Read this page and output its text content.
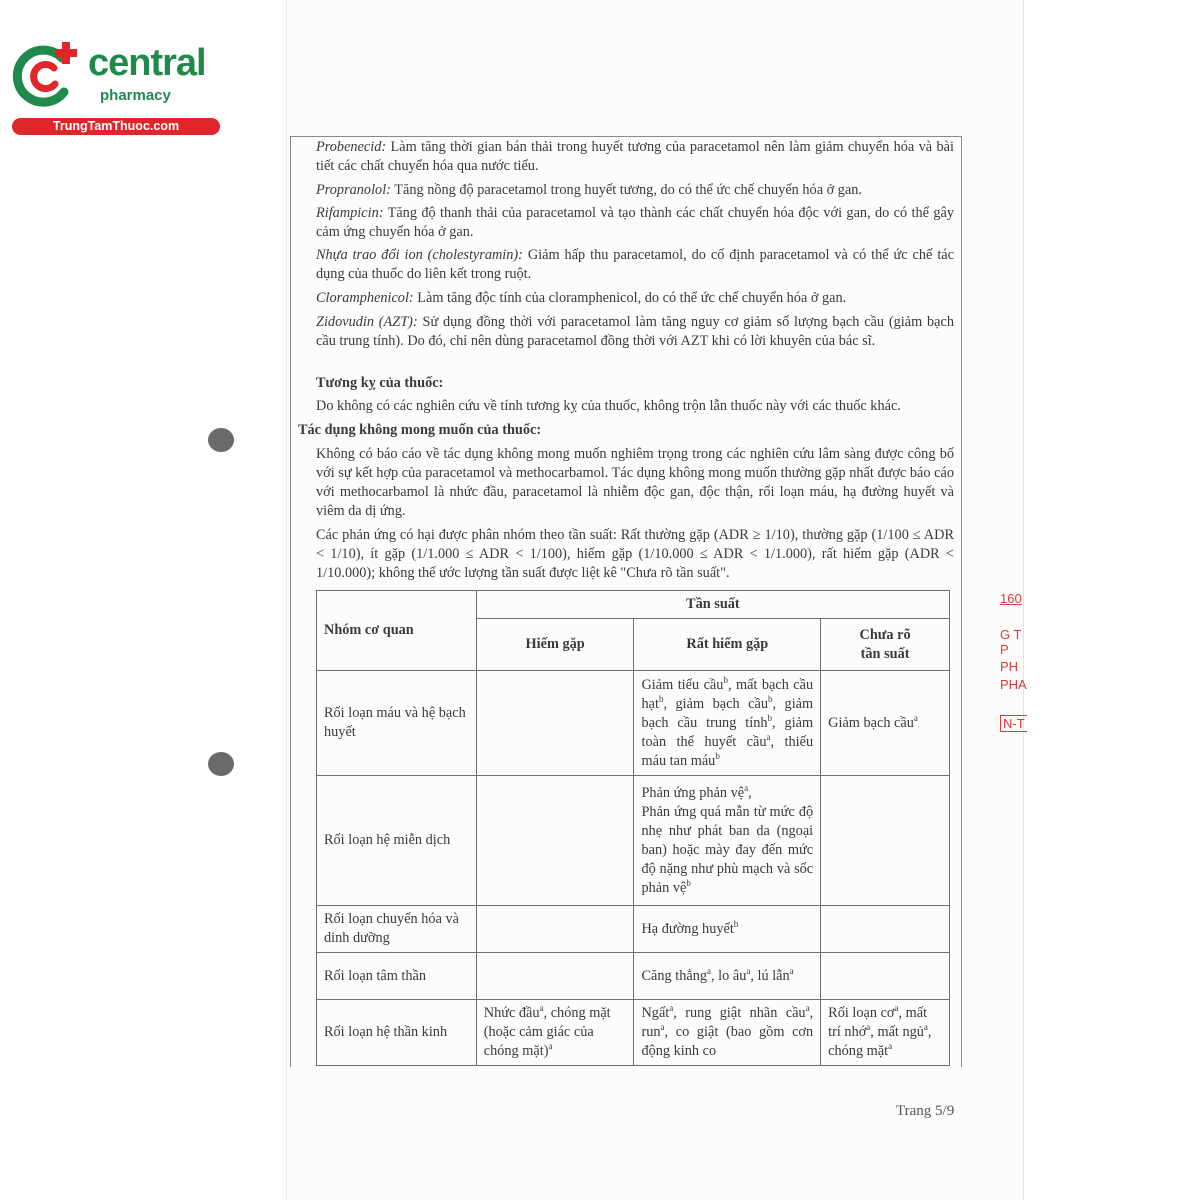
central
pharmacy
TrungTamThuoc.com
Probenecid: Làm tăng thời gian bán thải trong huyết tương của paracetamol nên làm giảm chuyển hóa và bài tiết các chất chuyển hóa qua nước tiểu.
Propranolol: Tăng nồng độ paracetamol trong huyết tương, do có thể ức chế chuyển hóa ở gan.
Rifampicin: Tăng độ thanh thải của paracetamol và tạo thành các chất chuyển hóa độc với gan, do có thể gây cảm ứng chuyển hóa ở gan.
Nhựa trao đổi ion (cholestyramin): Giảm hấp thu paracetamol, do cố định paracetamol và có thể ức chế tác dụng của thuốc do liên kết trong ruột.
Cloramphenicol: Làm tăng độc tính của cloramphenicol, do có thể ức chế chuyển hóa ở gan.
Zidovudin (AZT): Sử dụng đồng thời với paracetamol làm tăng nguy cơ giảm số lượng bạch cầu (giảm bạch cầu trung tính). Do đó, chỉ nên dùng paracetamol đồng thời với AZT khi có lời khuyên của bác sĩ.
Tương kỵ của thuốc:
Do không có các nghiên cứu về tính tương kỵ của thuốc, không trộn lẫn thuốc này với các thuốc khác.
Tác dụng không mong muốn của thuốc:
Không có báo cáo về tác dụng không mong muốn nghiêm trọng trong các nghiên cứu lâm sàng được công bố với sự kết hợp của paracetamol và methocarbamol. Tác dụng không mong muốn thường gặp nhất được báo cáo với methocarbamol là nhức đầu, paracetamol là nhiễm độc gan, độc thận, rối loạn máu, hạ đường huyết và viêm da dị ứng.
Các phản ứng có hại được phân nhóm theo tần suất: Rất thường gặp (ADR ≥ 1/10), thường gặp (1/100 ≤ ADR < 1/10), ít gặp (1/1.000 ≤ ADR < 1/100), hiếm gặp (1/10.000 ≤ ADR < 1/1.000), rất hiếm gặp (ADR < 1/10.000); không thể ước lượng tần suất được liệt kê "Chưa rõ tần suất".
Nhóm cơ quan	Tần suất		
	Hiếm gặp	Rất hiếm gặp	Chưa rõ
tần suất
Rối loạn máu và hệ bạch huyết		Giảm tiểu cầu$^b$, mất bạch cầu hạt$^b$, giảm bạch cầu$^b$, giảm bạch cầu trung tính$^b$, giảm toàn thể huyết cầu$^a$, thiếu máu tan máu$^b$	Giảm bạch cầu$^a$
Rối loạn hệ miễn dịch		Phản ứng phản vệ$^a$,
Phản ứng quá mẫn từ mức độ nhẹ như phát ban da (ngoại ban) hoặc mày đay đến mức độ nặng như phù mạch và sốc phản vệ$^b$	
Rối loạn chuyển hóa và dinh dưỡng		Hạ đường huyết$^b$	
Rối loạn tâm thần		Căng thẳng$^a$, lo $âu^a$, lú lẫn$^a$	
Rối loạn hệ thần kinh	Nhức đầu$^a$, chóng mặt (hoặc cảm giác của chóng mặt)$^a$	Ngất$^a$, rung giật nhãn cầu$^a$, run$^a$, co giật (bao gồm cơn động kinh co	Rối loạn $cơ^a$, mất trí nhớ$^a$, mất ngủ$^a$, chóng mặt$^a$
Trang 5/9
160
G T
P
PH
PHA
N-T
